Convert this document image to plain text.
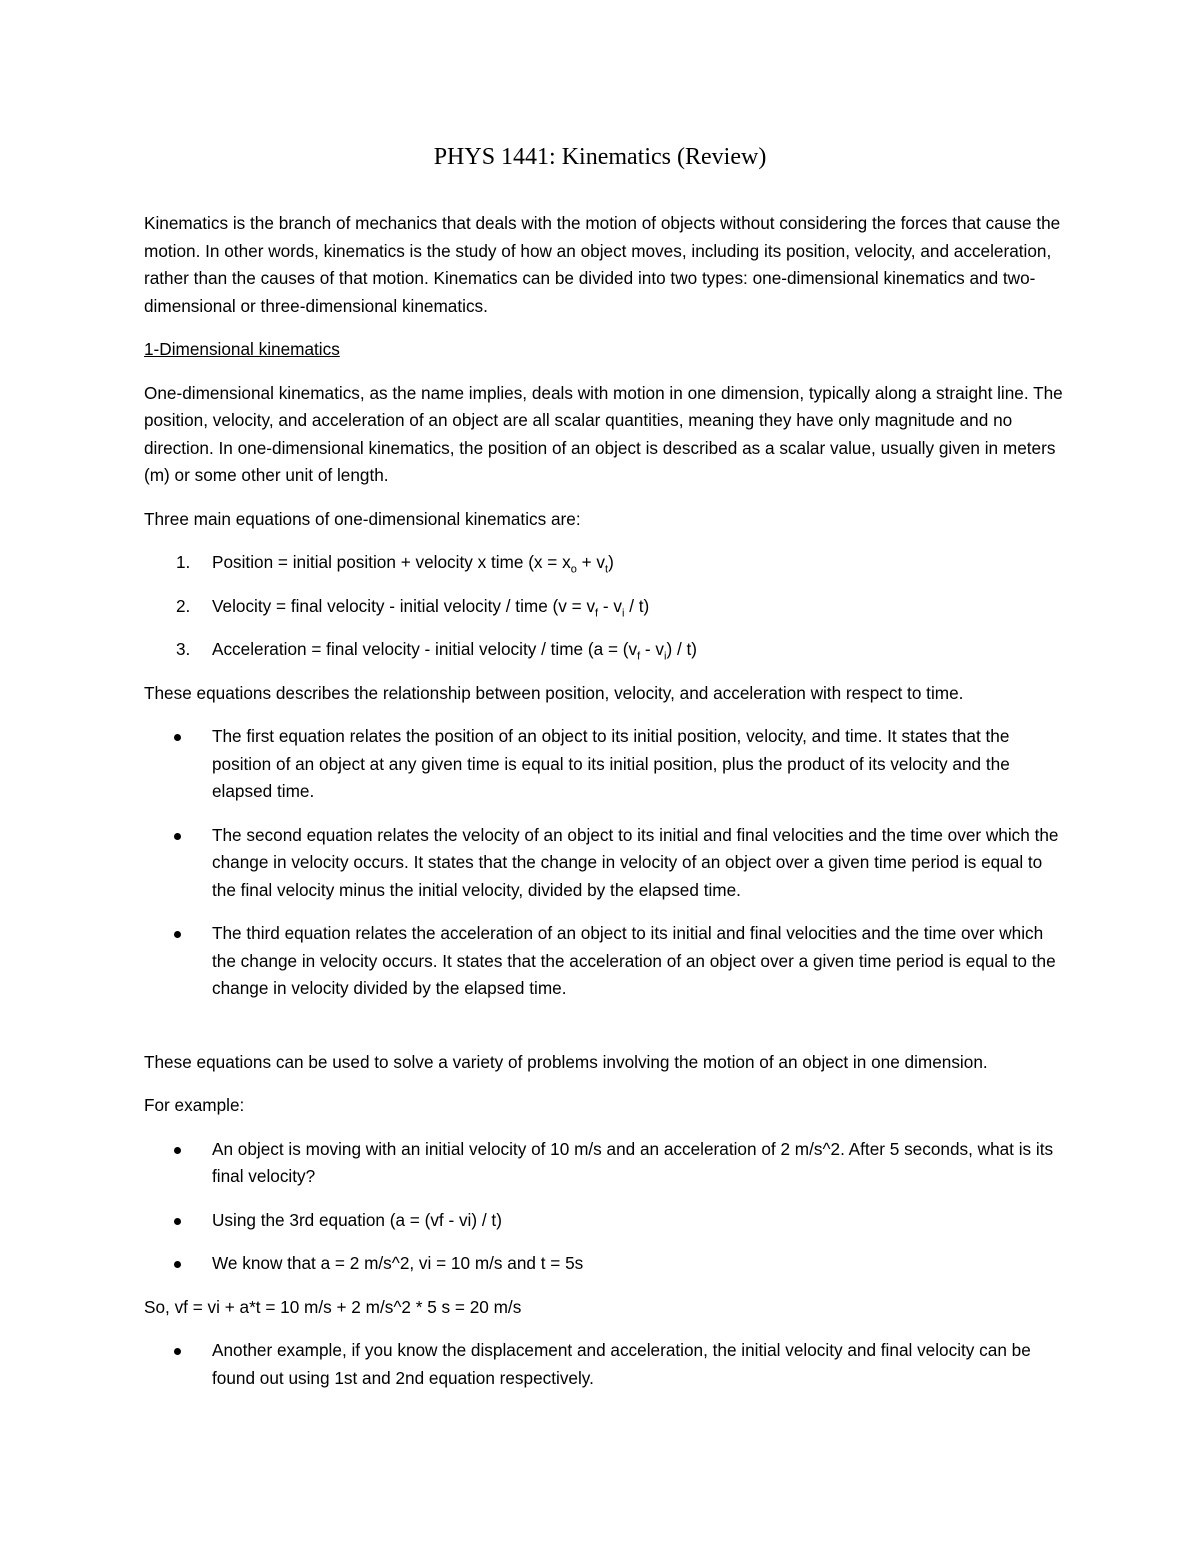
PHYS 1441: Kinematics (Review)

Kinematics is the branch of mechanics that deals with the motion of objects without considering the forces that cause the motion. In other words, kinematics is the study of how an object moves, including its position, velocity, and acceleration, rather than the causes of that motion. Kinematics can be divided into two types: one-dimensional kinematics and two-dimensional or three-dimensional kinematics.

1-Dimensional kinematics

One-dimensional kinematics, as the name implies, deals with motion in one dimension, typically along a straight line. The position, velocity, and acceleration of an object are all scalar quantities, meaning they have only magnitude and no direction. In one-dimensional kinematics, the position of an object is described as a scalar value, usually given in meters (m) or some other unit of length.

Three main equations of one-dimensional kinematics are:

1. Position = initial position + velocity x time $(x = x_o + v_t)$
2. Velocity = final velocity - initial velocity / time $(v = v_f - v_i / t)$
3. Acceleration = final velocity - initial velocity / time $(a = (v_f - v_i) / t)$

These equations describes the relationship between position, velocity, and acceleration with respect to time.

The first equation relates the position of an object to its initial position, velocity, and time. It states that the position of an object at any given time is equal to its initial position, plus the product of its velocity and the elapsed time.
The second equation relates the velocity of an object to its initial and final velocities and the time over which the change in velocity occurs. It states that the change in velocity of an object over a given time period is equal to the final velocity minus the initial velocity, divided by the elapsed time.
The third equation relates the acceleration of an object to its initial and final velocities and the time over which the change in velocity occurs. It states that the acceleration of an object over a given time period is equal to the change in velocity divided by the elapsed time.

These equations can be used to solve a variety of problems involving the motion of an object in one dimension.

For example:

An object is moving with an initial velocity of 10 m/s and an acceleration of 2 m/s^2. After 5 seconds, what is its final velocity?
Using the 3rd equation (a = (vf - vi) / t)
We know that a = 2 m/s^2, vi = 10 m/s and t = 5s

So, vf = vi + a*t = 10 m/s + 2 m/s^2 * 5 s = 20 m/s

Another example, if you know the displacement and acceleration, the initial velocity and final velocity can be found out using 1st and 2nd equation respectively.
